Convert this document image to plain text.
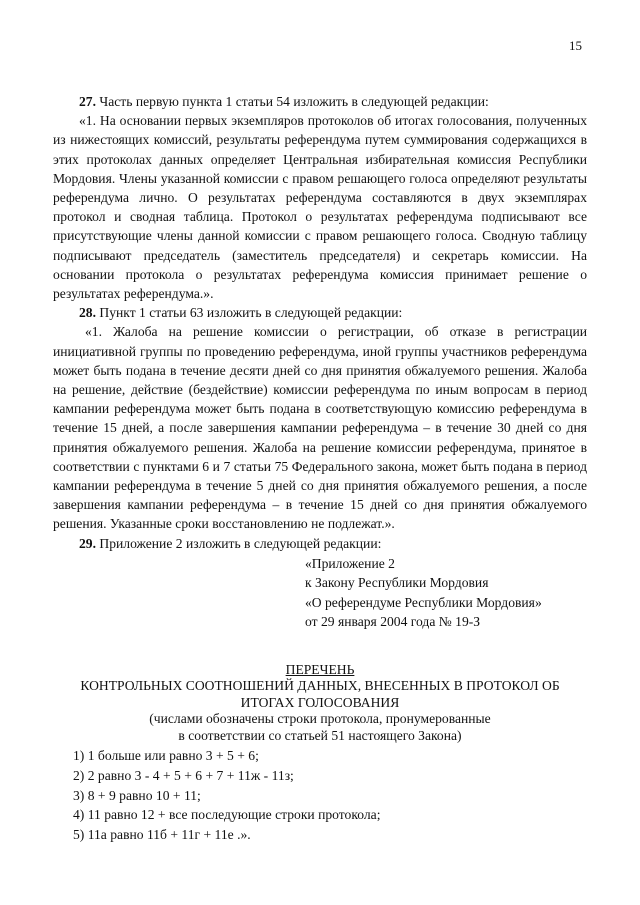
15

27. Часть первую пункта 1 статьи 54 изложить в следующей редакции:

«1. На основании первых экземпляров протоколов об итогах голосования, полученных из нижестоящих комиссий, результаты референдума путем суммирования содержащихся в этих протоколах данных определяет Центральная избирательная комиссия Республики Мордовия. Члены указанной комиссии с правом решающего голоса определяют результаты референдума лично. О результатах референдума составляются в двух экземплярах протокол и сводная таблица. Протокол о результатах референдума подписывают все присутствующие члены данной комиссии с правом решающего голоса. Сводную таблицу подписывают председатель (заместитель председателя) и секретарь комиссии. На основании протокола о результатах референдума комиссия принимает решение о результатах референдума.».

28. Пункт 1 статьи 63 изложить в следующей редакции:

«1. Жалоба на решение комиссии о регистрации, об отказе в регистрации инициативной группы по проведению референдума, иной группы участников референдума может быть подана в течение десяти дней со дня принятия обжалуемого решения. Жалоба на решение, действие (бездействие) комиссии референдума по иным вопросам в период кампании референдума может быть подана в соответствующую комиссию референдума в течение 15 дней, а после завершения кампании референдума – в течение 30 дней со дня принятия обжалуемого решения. Жалоба на решение комиссии референдума, принятое в соответствии с пунктами 6 и 7 статьи 75 Федерального закона, может быть подана в период кампании референдума в течение 5 дней со дня принятия обжалуемого решения, а после завершения кампании референдума – в течение 15 дней со дня принятия обжалуемого решения. Указанные сроки восстановлению не подлежат.».

29. Приложение 2 изложить в следующей редакции:

«Приложение 2
к Закону Республики Мордовия
«О референдуме Республики Мордовия»
от 29 января 2004 года № 19-З
ПЕРЕЧЕНЬ
КОНТРОЛЬНЫХ СООТНОШЕНИЙ ДАННЫХ, ВНЕСЕННЫХ В ПРОТОКОЛ ОБ
ИТОГАХ ГОЛОСОВАНИЯ
(числами обозначены строки протокола, пронумерованные
в соответствии со статьей 51 настоящего Закона)
1) 1 больше или равно 3 + 5 + 6;
2) 2 равно 3 - 4 + 5 + 6 + 7 + 11ж - 11з;
3) 8 + 9 равно 10 + 11;
4) 11 равно 12 + все последующие строки протокола;
5) 11а равно 11б + 11г + 11е .».
